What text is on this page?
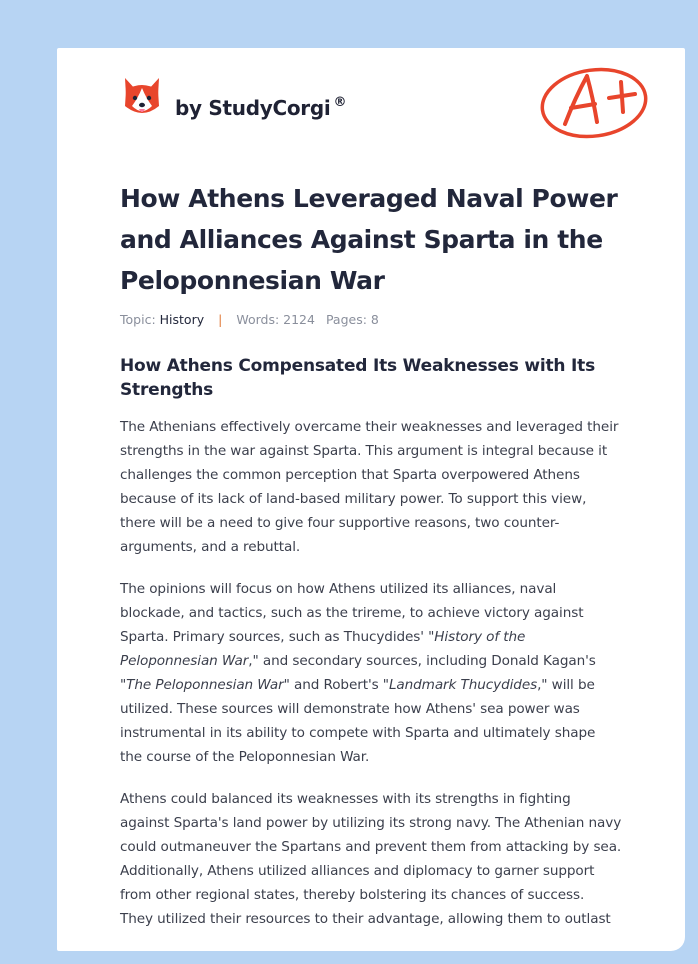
by StudyCorgi ®
How Athens Leveraged Naval Power and Alliances Against Sparta in the Peloponnesian War
Topic: History | Words: 2124 Pages: 8
How Athens Compensated Its Weaknesses with Its Strengths

The Athenians effectively overcame their weaknesses and leveraged their
strengths in the war against Sparta. This argument is integral because it
challenges the common perception that Sparta overpowered Athens
because of its lack of land-based military power. To support this view,
there will be a need to give four supportive reasons, two counter-
arguments, and a rebuttal.

The opinions will focus on how Athens utilized its alliances, naval
blockade, and tactics, such as the trireme, to achieve victory against
Sparta. Primary sources, such as Thucydides' "History of the
Peloponnesian War," and secondary sources, including Donald Kagan's
"The Peloponnesian War" and Robert's "Landmark Thucydides," will be
utilized. These sources will demonstrate how Athens' sea power was
instrumental in its ability to compete with Sparta and ultimately shape
the course of the Peloponnesian War.

Athens could balanced its weaknesses with its strengths in fighting
against Sparta's land power by utilizing its strong navy. The Athenian navy
could outmaneuver the Spartans and prevent them from attacking by sea.
Additionally, Athens utilized alliances and diplomacy to garner support
from other regional states, thereby bolstering its chances of success.
They utilized their resources to their advantage, allowing them to outlast
